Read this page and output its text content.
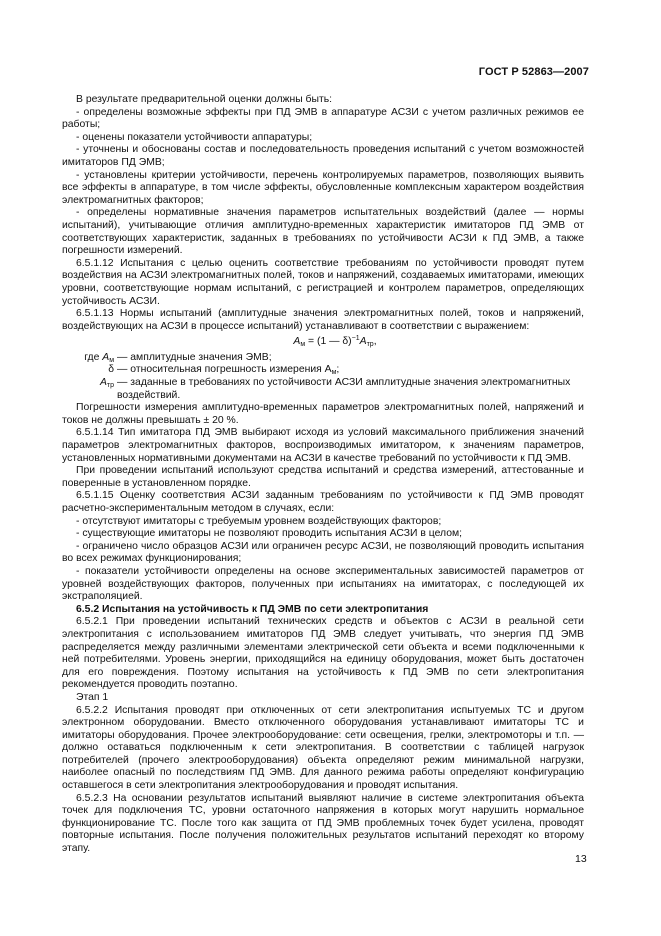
ГОСТ Р 52863—2007

В результате предварительной оценки должны быть:

- определены возможные эффекты при ПД ЭМВ в аппаратуре АСЗИ с учетом различных режимов ее работы;

- оценены показатели устойчивости аппаратуры;

- уточнены и обоснованы состав и последовательность проведения испытаний с учетом возможностей имитаторов ПД ЭМВ;

- установлены критерии устойчивости, перечень контролируемых параметров, позволяющих выявить все эффекты в аппаратуре, в том числе эффекты, обусловленные комплексным характером воздействия электромагнитных факторов;

- определены нормативные значения параметров испытательных воздействий (далее — нормы испытаний), учитывающие отличия амплитудно-временных характеристик имитаторов ПД ЭМВ от соответствующих характеристик, заданных в требованиях по устойчивости АСЗИ к ПД ЭМВ, а также погрешности измерений.

6.5.1.12 Испытания с целью оценить соответствие требованиям по устойчивости проводят путем воздействия на АСЗИ электромагнитных полей, токов и напряжений, создаваемых имитаторами, имеющих уровни, соответствующие нормам испытаний, с регистрацией и контролем параметров, определяющих устойчивость АСЗИ.

6.5.1.13 Нормы испытаний (амплитудные значения электромагнитных полей, токов и напряжений, воздействующих на АСЗИ в процессе испытаний) устанавливают в соответствии с выражением:

$A_м = (1$ — $\delta)^{-1}A_{тр}$,

где $A_м$ — амплитудные значения ЭМВ;
δ — относительная погрешность измерения $A_м$;
$A_{тр}$ — заданные в требованиях по устойчивости АСЗИ амплитудные значения электромагнитных воздействий.

Погрешности измерения амплитудно-временных параметров электромагнитных полей, напряжений и токов не должны превышать ± 20 %.

6.5.1.14 Тип имитатора ПД ЭМВ выбирают исходя из условий максимального приближения значений параметров электромагнитных факторов, воспроизводимых имитатором, к значениям параметров, установленных нормативными документами на АСЗИ в качестве требований по устойчивости к ПД ЭМВ.

При проведении испытаний используют средства испытаний и средства измерений, аттестованные и поверенные в установленном порядке.

6.5.1.15 Оценку соответствия АСЗИ заданным требованиям по устойчивости к ПД ЭМВ проводят расчетно-экспериментальным методом в случаях, если:

- отсутствуют имитаторы с требуемым уровнем воздействующих факторов;

- существующие имитаторы не позволяют проводить испытания АСЗИ в целом;

- ограничено число образцов АСЗИ или ограничен ресурс АСЗИ, не позволяющий проводить испытания во всех режимах функционирования;

- показатели устойчивости определены на основе экспериментальных зависимостей параметров от уровней воздействующих факторов, полученных при испытаниях на имитаторах, с последующей их экстраполяцией.

6.5.2 Испытания на устойчивость к ПД ЭМВ по сети электропитания

6.5.2.1 При проведении испытаний технических средств и объектов с АСЗИ в реальной сети электропитания с использованием имитаторов ПД ЭМВ следует учитывать, что энергия ПД ЭМВ распределяется между различными элементами электрической сети объекта и всеми подключенными к ней потребителями. Уровень энергии, приходящийся на единицу оборудования, может быть достаточен для его повреждения. Поэтому испытания на устойчивость к ПД ЭМВ по сети электропитания рекомендуется проводить поэтапно.

Этап 1

6.5.2.2 Испытания проводят при отключенных от сети электропитания испытуемых ТС и другом электронном оборудовании. Вместо отключенного оборудования устанавливают имитаторы ТС и имитаторы оборудования. Прочее электрооборудование: сети освещения, грелки, электромоторы и т.п. — должно оставаться подключенным к сети электропитания. В соответствии с таблицей нагрузок потребителей (прочего электрооборудования) объекта определяют режим минимальной нагрузки, наиболее опасный по последствиям ПД ЭМВ. Для данного режима работы определяют конфигурацию оставшегося в сети электропитания электрооборудования и проводят испытания.

6.5.2.3 На основании результатов испытаний выявляют наличие в системе электропитания объекта точек для подключения ТС, уровни остаточного напряжения в которых могут нарушить нормальное функционирование ТС. После того как защита от ПД ЭМВ проблемных точек будет усилена, проводят повторные испытания. После получения положительных результатов испытаний переходят ко второму этапу.

13
